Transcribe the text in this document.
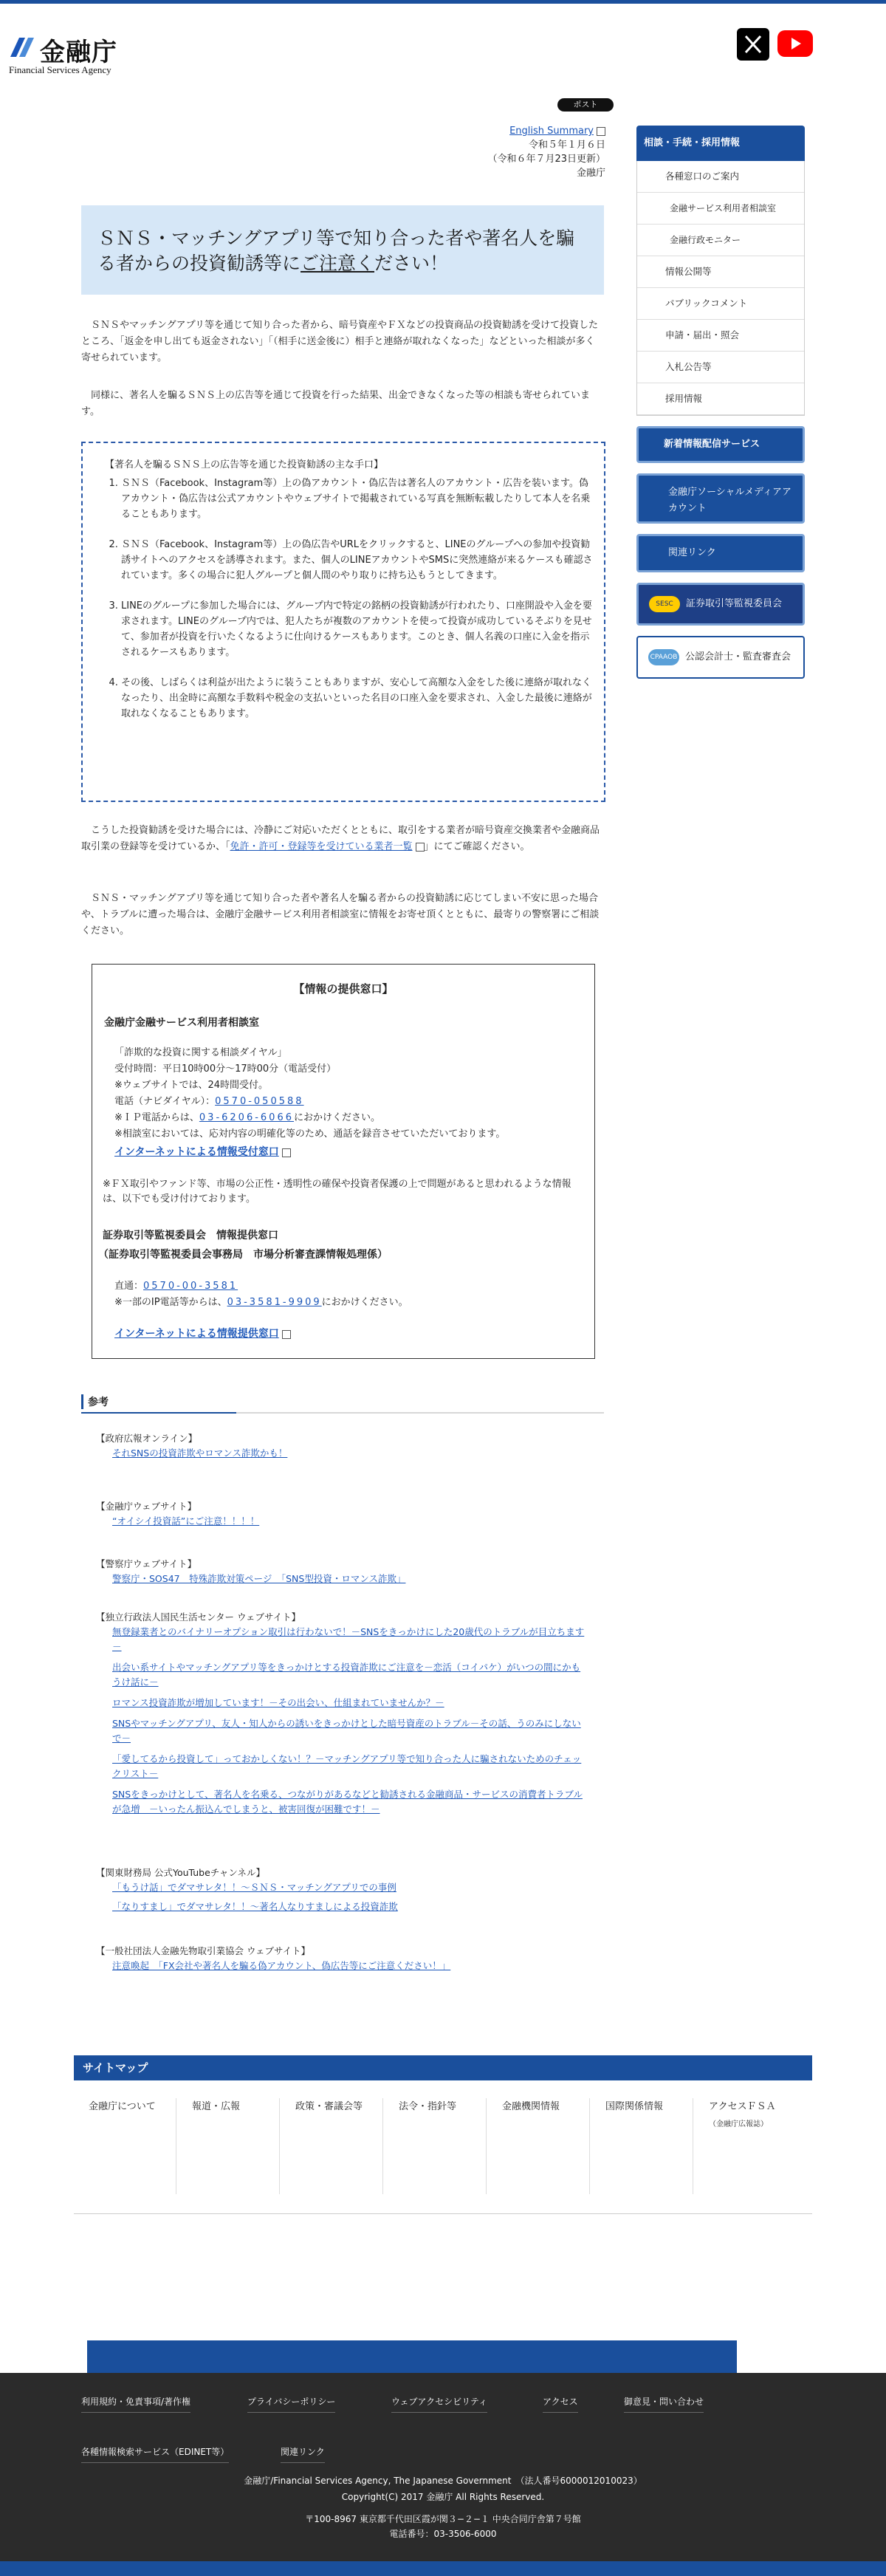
金融庁
Financial Services Agency
ポスト
English Summary
令和５年１月６日
（令和６年７月23日更新）
金融庁
ＳＮＳ・マッチングアプリ等で知り合った者や著名人を騙る者からの投資勧誘等にご注意ください！
ＳＮＳやマッチングアプリ等を通じて知り合った者から、暗号資産やＦＸなどの投資商品の投資勧誘を受けて投資したところ、「返金を申し出ても返金されない」「（相手に送金後に）相手と連絡が取れなくなった」などといった相談が多く寄せられています。
同様に、著名人を騙るＳＮＳ上の広告等を通じて投資を行った結果、出金できなくなった等の相談も寄せられています。
【著名人を騙るＳＮＳ上の広告等を通じた投資勧誘の主な手口】
1. ＳＮＳ（Facebook、Instagram等）上の偽アカウント・偽広告は著名人のアカウント・広告を装います。偽アカウント・偽広告は公式アカウントやウェブサイトで掲載されている写真を無断転載したりして本人を名乗ることもあります。
2. ＳＮＳ（Facebook、Instagram等）上の偽広告やURLをクリックすると、LINEのグループへの参加や投資勧誘サイトへのアクセスを誘導されます。また、個人のLINEアカウントやSMSに突然連絡が来るケースも確認されています。多くの場合に犯人グループと個人間のやり取りに持ち込もうとしてきます。
3. LINEのグループに参加した場合には、グループ内で特定の銘柄の投資勧誘が行われたり、口座開設や入金を要求されます。LINEのグループ内では、犯人たちが複数のアカウントを使って投資が成功しているそぶりを見せて、参加者が投資を行いたくなるように仕向けるケースもあります。このとき、個人名義の口座に入金を指示されるケースもあります。
4. その後、しばらくは利益が出たように装うこともありますが、安心して高額な入金をした後に連絡が取れなくなったり、出金時に高額な手数料や税金の支払いといった名目の口座入金を要求され、入金した最後に連絡が取れなくなることもあります。
こうした投資勧誘を受けた場合には、冷静にご対応いただくとともに、取引をする業者が暗号資産交換業者や金融商品取引業の登録等を受けているか、「免許・許可・登録等を受けている業者一覧 」にてご確認ください。
ＳＮＳ・マッチングアプリ等を通じて知り合った者や著名人を騙る者からの投資勧誘に応じてしまい不安に思った場合や、トラブルに遭った場合は、金融庁金融サービス利用者相談室に情報をお寄せ頂くとともに、最寄りの警察署にご相談ください。
【情報の提供窓口】
金融庁金融サービス利用者相談室
「詐欺的な投資に関する相談ダイヤル」
受付時間：平日10時00分〜17時00分（電話受付）
※ウェブサイトでは、24時間受付。
電話（ナビダイヤル）：0570-050588
※ＩＰ電話からは、03-6206-6066におかけください。
※相談室においては、応対内容の明確化等のため、通話を録音させていただいております。
インターネットによる情報受付窓口
※ＦＸ取引やファンド等、市場の公正性・透明性の確保や投資者保護の上で問題があると思われるような情報は、以下でも受け付けております。
証券取引等監視委員会　情報提供窓口
（証券取引等監視委員会事務局　市場分析審査課情報処理係）
直通：0570-00-3581
※一部のIP電話等からは、03-3581-9909におかけください。
インターネットによる情報提供窓口
参考
【政府広報オンライン】
それSNSの投資詐欺やロマンス詐欺かも！
【金融庁ウェブサイト】
“オイシイ投資話”にご注意！！！！
【警察庁ウェブサイト】
警察庁・SOS47　特殊詐欺対策ページ　「SNS型投資・ロマンス詐欺」
【独立行政法人国民生活センター ウェブサイト】
無登録業者とのバイナリーオプション取引は行わないで！－SNSをきっかけにした20歳代のトラブルが目立ちます－
出会い系サイトやマッチングアプリ等をきっかけとする投資詐欺にご注意を－恋活（コイパケ）がいつの間にかもうけ話に－
ロマンス投資詐欺が増加しています！－その出会い、仕組まれていませんか？－
SNSやマッチングアプリ、友人・知人からの誘いをきっかけとした暗号資産のトラブル－その話、うのみにしないで－
「愛してるから投資して」っておかしくない！？－マッチングアプリ等で知り合った人に騙されないためのチェックリスト－
SNSをきっかけとして、著名人を名乗る、つながりがあるなどと勧誘される金融商品・サービスの消費者トラブルが急増　－いったん振込んでしまうと、被害回復が困難です！－
【関東財務局 公式YouTubeチャンネル】
「もうけ話」でダマサレタ！！～ＳＮＳ・マッチングアプリでの事例
「なりすまし」でダマサレタ！！～著名人なりすましによる投資詐欺
【一般社団法人金融先物取引業協会 ウェブサイト】
注意喚起　「FX会社や著名人を騙る偽アカウント、偽広告等にご注意ください！」
相談・手続・採用情報
各種窓口のご案内
金融サービス利用者相談室
金融行政モニター
情報公開等
パブリックコメント
申請・届出・照会
入札公告等
採用情報
新着情報配信サービス
金融庁ソーシャルメディアアカウント
関連リンク
SESC 証券取引等監視委員会
CPAAOB 公認会計士・監査審査会
サイトマップ
金融庁について	報道・広報	政策・審議会等	法令・指針等	金融機関情報	国際関係情報	アクセスＦＳＡ
（金融庁広報誌）
利用規約・免責事項/著作権	プライバシーポリシー	ウェブアクセシビリティ	アクセス	御意見・問い合わせ
各種情報検索サービス（EDINET等）	関連リンク
金融庁/Financial Services Agency, The Japanese Government　（法人番号6000012010023）
Copyright(C) 2017 金融庁 All Rights Reserved.
〒100-8967 東京都千代田区霞が関３−２−１ 中央合同庁舎第７号館
電話番号：03-3506-6000
